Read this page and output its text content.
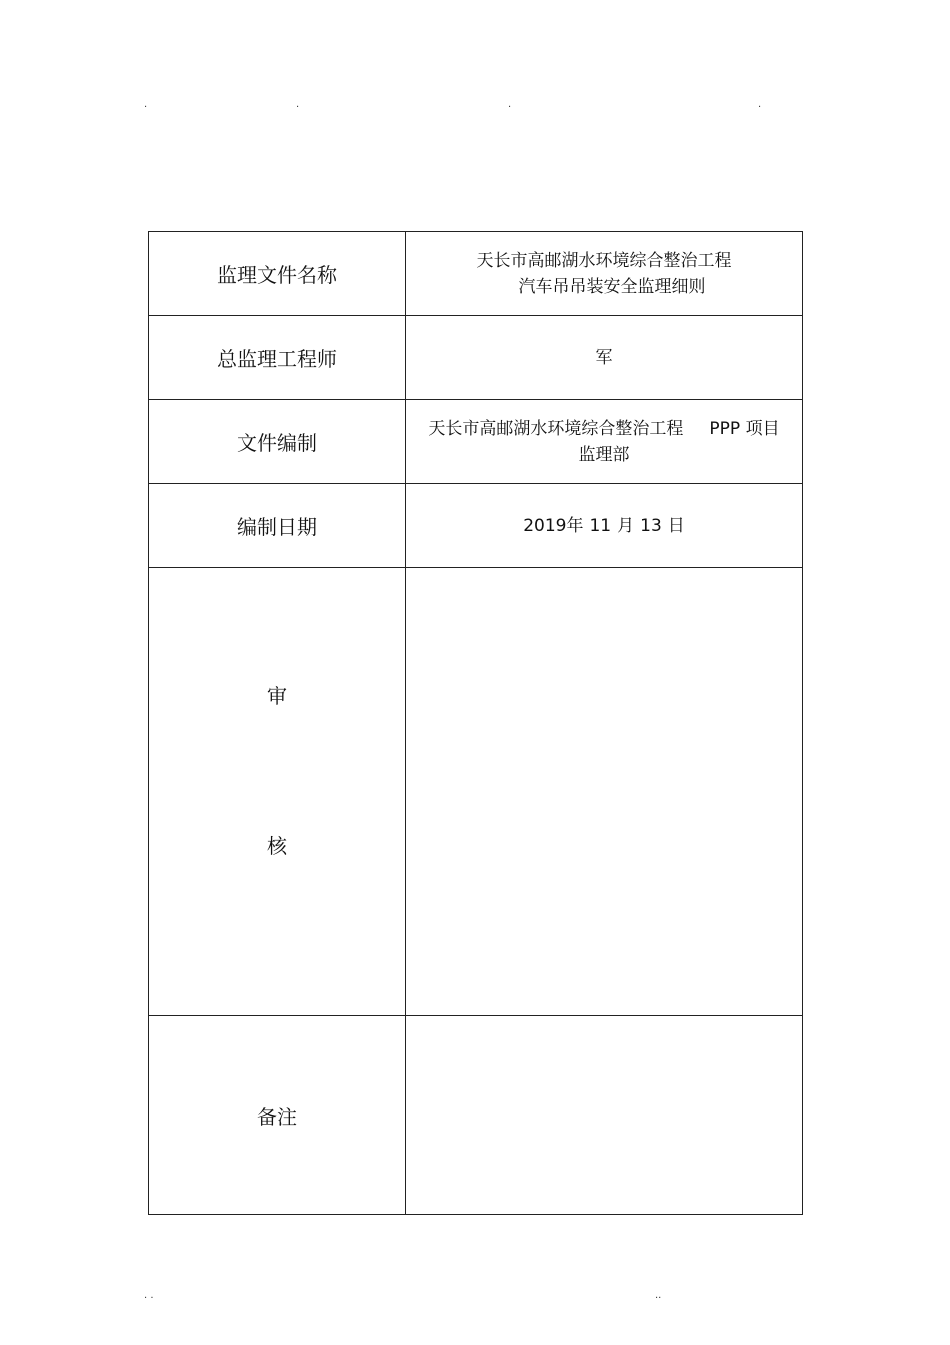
.	.	.	.
监理文件名称	天长市高邮湖水环境综合整治工程
汽车吊吊装安全监理细则

总监理工程师	军
文件编制	天长市高邮湖水环境综合整治工程 PPP 项目
监理部

编制日期	2019年 11 月 13 日

审
核	

备注	
. .	..
